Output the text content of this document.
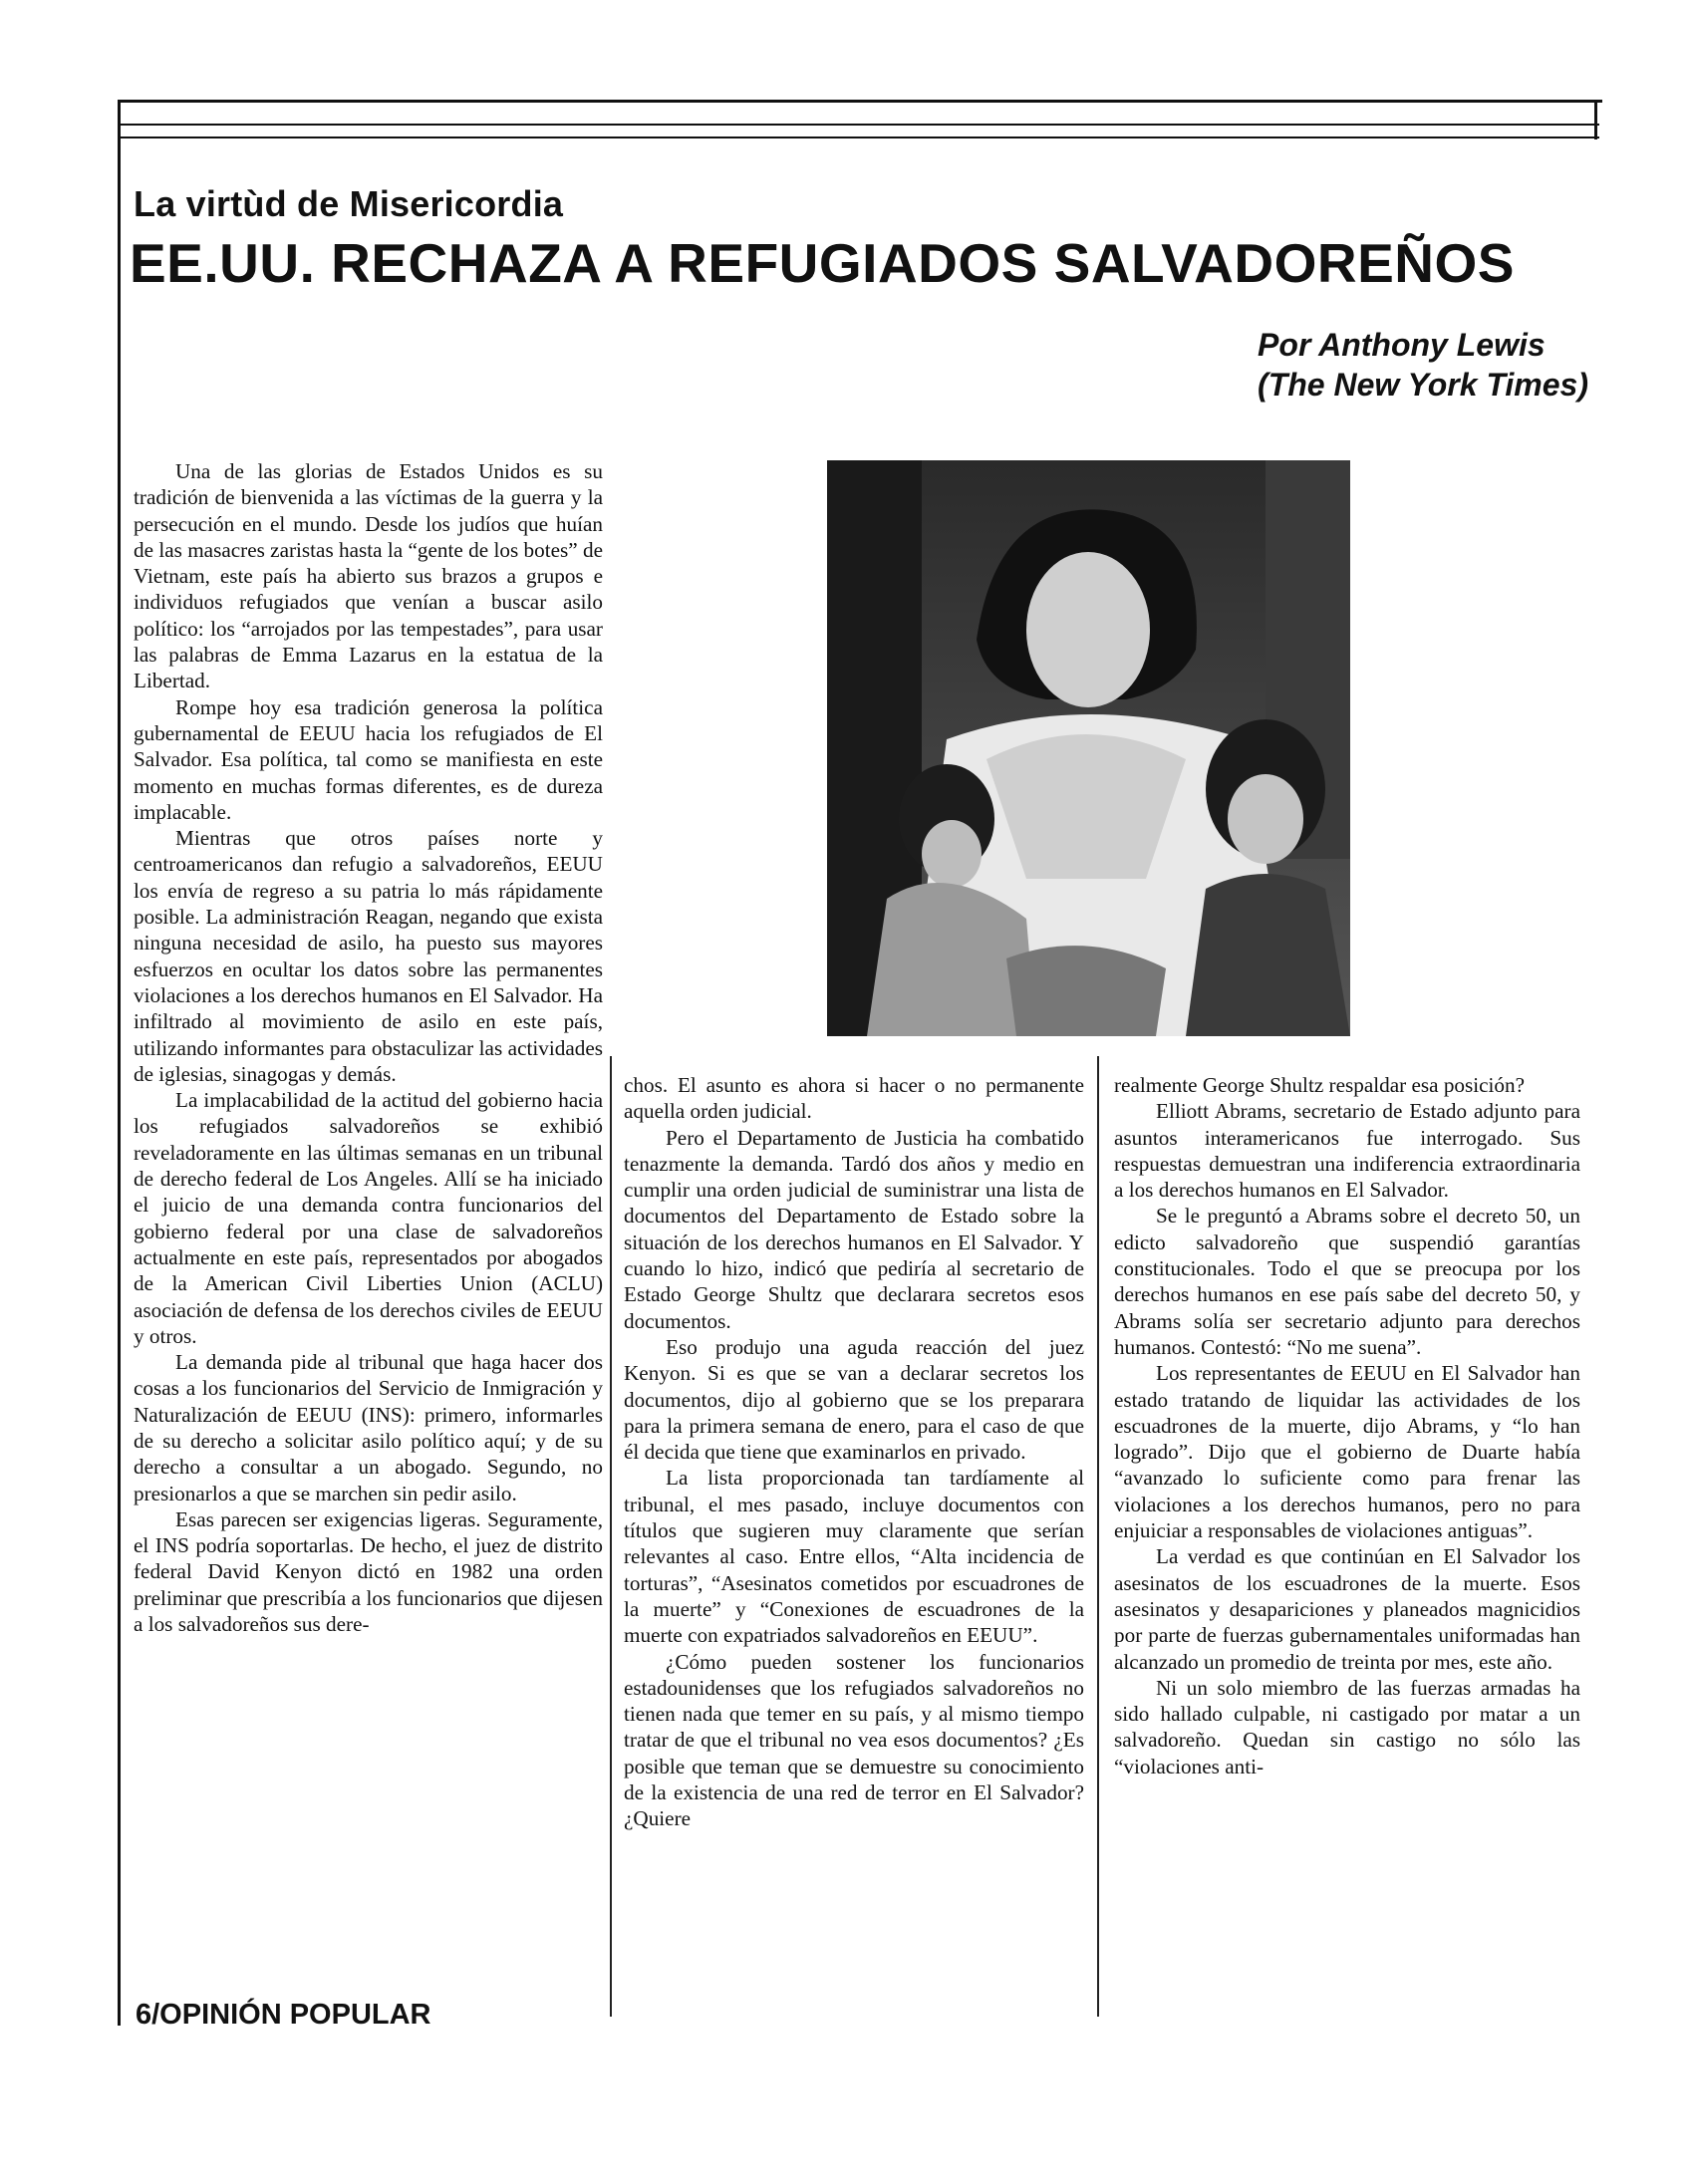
La virtùd de Misericordia
EE.UU. RECHAZA A REFUGIADOS SALVADOREÑOS
Por Anthony Lewis
(The New York Times)

Una de las glorias de Estados Unidos es su tradición de bienvenida a las víctimas de la guerra y la persecución en el mundo. Desde los judíos que huían de las masacres zaristas hasta la “gente de los botes” de Vietnam, este país ha abierto sus brazos a grupos e individuos refugiados que venían a buscar asilo político: los “arrojados por las tempestades”, para usar las palabras de Emma Lazarus en la estatua de la Libertad.

Rompe hoy esa tradición generosa la política gubernamental de EEUU hacia los refugiados de El Salvador. Esa política, tal como se manifiesta en este momento en muchas formas diferentes, es de dureza implacable.

Mientras que otros países norte y centroamericanos dan refugio a salvadoreños, EEUU los envía de regreso a su patria lo más rápidamente posible. La administración Reagan, negando que exista ninguna necesidad de asilo, ha puesto sus mayores esfuerzos en ocultar los datos sobre las permanentes violaciones a los derechos humanos en El Salvador. Ha infiltrado al movimiento de asilo en este país, utilizando informantes para obstaculizar las actividades de iglesias, sinagogas y demás.

La implacabilidad de la actitud del gobierno hacia los refugiados salvadoreños se exhibió reveladoramente en las últimas semanas en un tribunal de derecho federal de Los Angeles. Allí se ha iniciado el juicio de una demanda contra funcionarios del gobierno federal por una clase de salvadoreños actualmente en este país, representados por abogados de la American Civil Liberties Union (ACLU) asociación de defensa de los derechos civiles de EEUU y otros.

La demanda pide al tribunal que haga hacer dos cosas a los funcionarios del Servicio de Inmigración y Naturalización de EEUU (INS): primero, informarles de su derecho a solicitar asilo político aquí; y de su derecho a consultar a un abogado. Segundo, no presionarlos a que se marchen sin pedir asilo.

Esas parecen ser exigencias ligeras. Seguramente, el INS podría soportarlas. De hecho, el juez de distrito federal David Kenyon dictó en 1982 una orden preliminar que prescribía a los funcionarios que dijesen a los salvadoreños sus dere-

chos. El asunto es ahora si hacer o no permanente aquella orden judicial.

Pero el Departamento de Justicia ha combatido tenazmente la demanda. Tardó dos años y medio en cumplir una orden judicial de suministrar una lista de documentos del Departamento de Estado sobre la situación de los derechos humanos en El Salvador. Y cuando lo hizo, indicó que pediría al secretario de Estado George Shultz que declarara secretos esos documentos.

Eso produjo una aguda reacción del juez Kenyon. Si es que se van a declarar secretos los documentos, dijo al gobierno que se los preparara para la primera semana de enero, para el caso de que él decida que tiene que examinarlos en privado.

La lista proporcionada tan tardíamente al tribunal, el mes pasado, incluye documentos con títulos que sugieren muy claramente que serían relevantes al caso. Entre ellos, “Alta incidencia de torturas”, “Asesinatos cometidos por escuadrones de la muerte” y “Conexiones de escuadrones de la muerte con expatriados salvadoreños en EEUU”.

¿Cómo pueden sostener los funcionarios estadounidenses que los refugiados salvadoreños no tienen nada que temer en su país, y al mismo tiempo tratar de que el tribunal no vea esos documentos? ¿Es posible que teman que se demuestre su conocimiento de la existencia de una red de terror en El Salvador? ¿Quiere

realmente George Shultz respaldar esa posición?

Elliott Abrams, secretario de Estado adjunto para asuntos interamericanos fue interrogado. Sus respuestas demuestran una indiferencia extraordinaria a los derechos humanos en El Salvador.

Se le preguntó a Abrams sobre el decreto 50, un edicto salvadoreño que suspendió garantías constitucionales. Todo el que se preocupa por los derechos humanos en ese país sabe del decreto 50, y Abrams solía ser secretario adjunto para derechos humanos. Contestó: “No me suena”.

Los representantes de EEUU en El Salvador han estado tratando de liquidar las actividades de los escuadrones de la muerte, dijo Abrams, y “lo han logrado”. Dijo que el gobierno de Duarte había “avanzado lo suficiente como para frenar las violaciones a los derechos humanos, pero no para enjuiciar a responsables de violaciones antiguas”.

La verdad es que continúan en El Salvador los asesinatos de los escuadrones de la muerte. Esos asesinatos y desapariciones y planeados magnicidios por parte de fuerzas gubernamentales uniformadas han alcanzado un promedio de treinta por mes, este año.

Ni un solo miembro de las fuerzas armadas ha sido hallado culpable, ni castigado por matar a un salvadoreño. Quedan sin castigo no sólo las “violaciones anti-

6/OPINIÓN POPULAR
